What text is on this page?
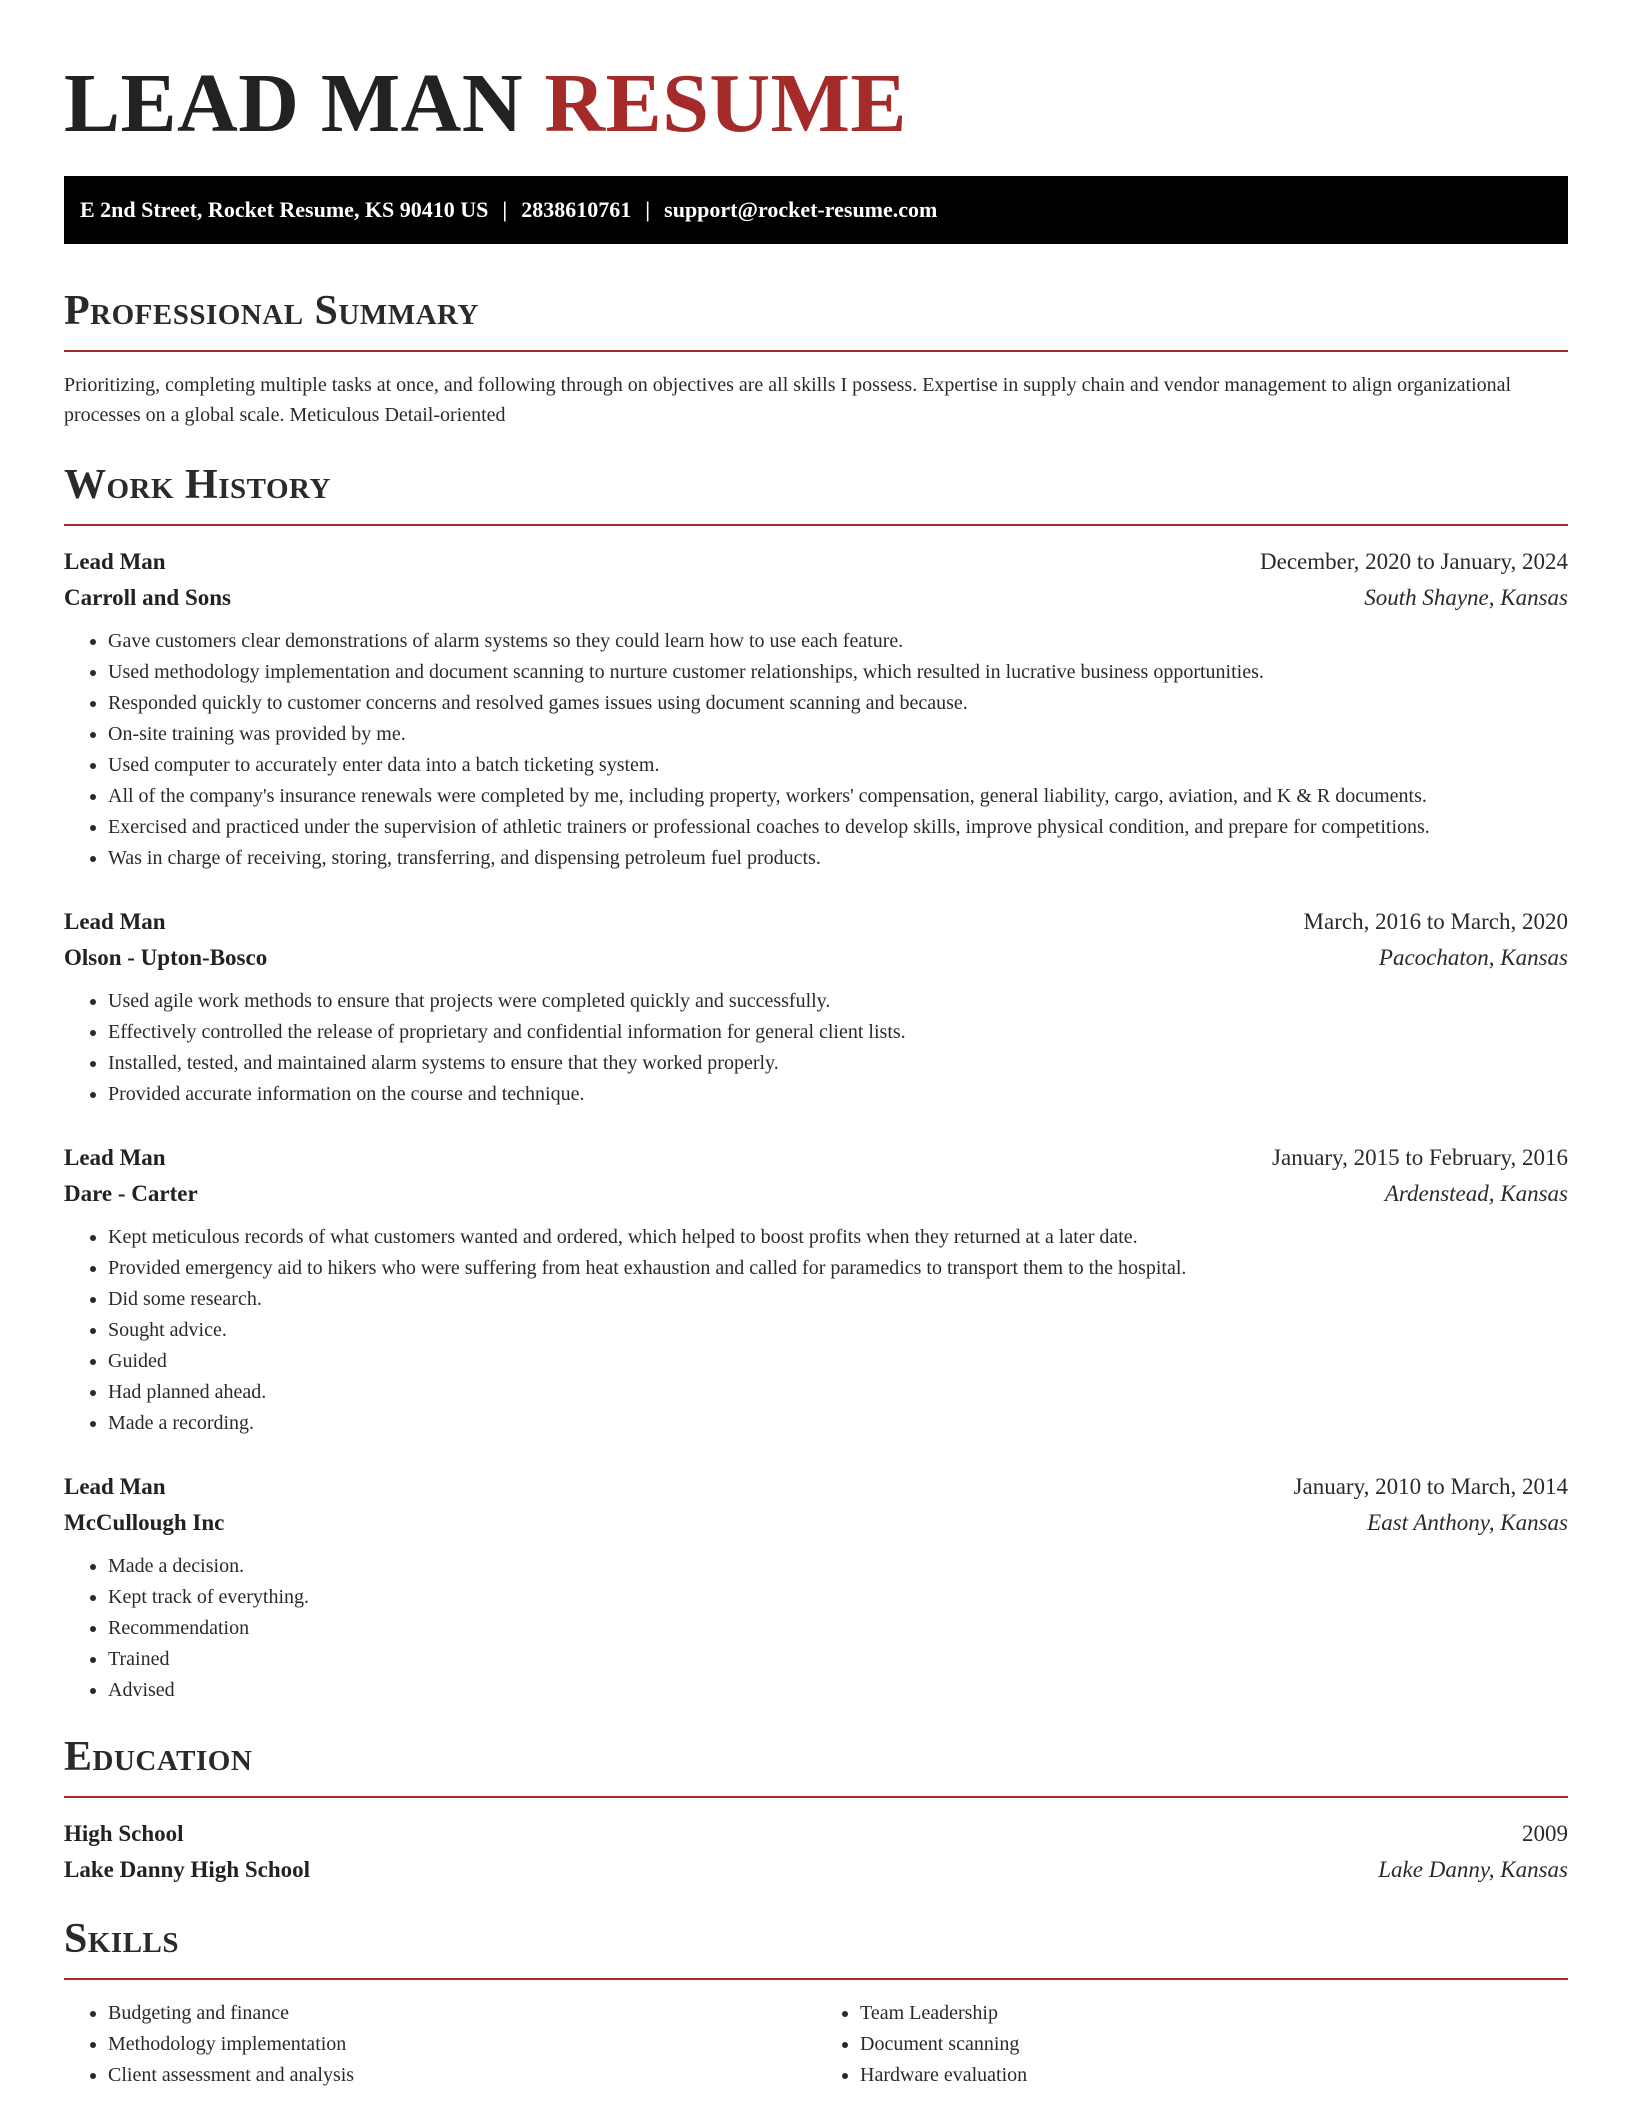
LEAD MAN RESUME
E 2nd Street, Rocket Resume, KS 90410 US | 2838610761 | support@rocket-resume.com
Professional Summary

Prioritizing, completing multiple tasks at once, and following through on objectives are all skills I possess. Expertise in supply chain and vendor management to align organizational processes on a global scale. Meticulous Detail-oriented

Work History
Lead Man	December, 2020 to January, 2024
Carroll and Sons	South Shayne, Kansas
• Gave customers clear demonstrations of alarm systems so they could learn how to use each feature.
• Used methodology implementation and document scanning to nurture customer relationships, which resulted in lucrative business opportunities.
• Responded quickly to customer concerns and resolved games issues using document scanning and because.
• On-site training was provided by me.
• Used computer to accurately enter data into a batch ticketing system.
• All of the company's insurance renewals were completed by me, including property, workers' compensation, general liability, cargo, aviation, and K & R documents.
• Exercised and practiced under the supervision of athletic trainers or professional coaches to develop skills, improve physical condition, and prepare for competitions.
• Was in charge of receiving, storing, transferring, and dispensing petroleum fuel products.
Lead Man	March, 2016 to March, 2020
Olson - Upton-Bosco	Pacochaton, Kansas
• Used agile work methods to ensure that projects were completed quickly and successfully.
• Effectively controlled the release of proprietary and confidential information for general client lists.
• Installed, tested, and maintained alarm systems to ensure that they worked properly.
• Provided accurate information on the course and technique.
Lead Man	January, 2015 to February, 2016
Dare - Carter	Ardenstead, Kansas
• Kept meticulous records of what customers wanted and ordered, which helped to boost profits when they returned at a later date.
• Provided emergency aid to hikers who were suffering from heat exhaustion and called for paramedics to transport them to the hospital.
• Did some research.
• Sought advice.
• Guided
• Had planned ahead.
• Made a recording.
Lead Man	January, 2010 to March, 2014
McCullough Inc	East Anthony, Kansas
• Made a decision.
• Kept track of everything.
• Recommendation
• Trained
• Advised
Education
High School	2009
Lake Danny High School	Lake Danny, Kansas
Skills
• Budgeting and finance
• Methodology implementation
• Client assessment and analysis
• Team Leadership
• Document scanning
• Hardware evaluation
